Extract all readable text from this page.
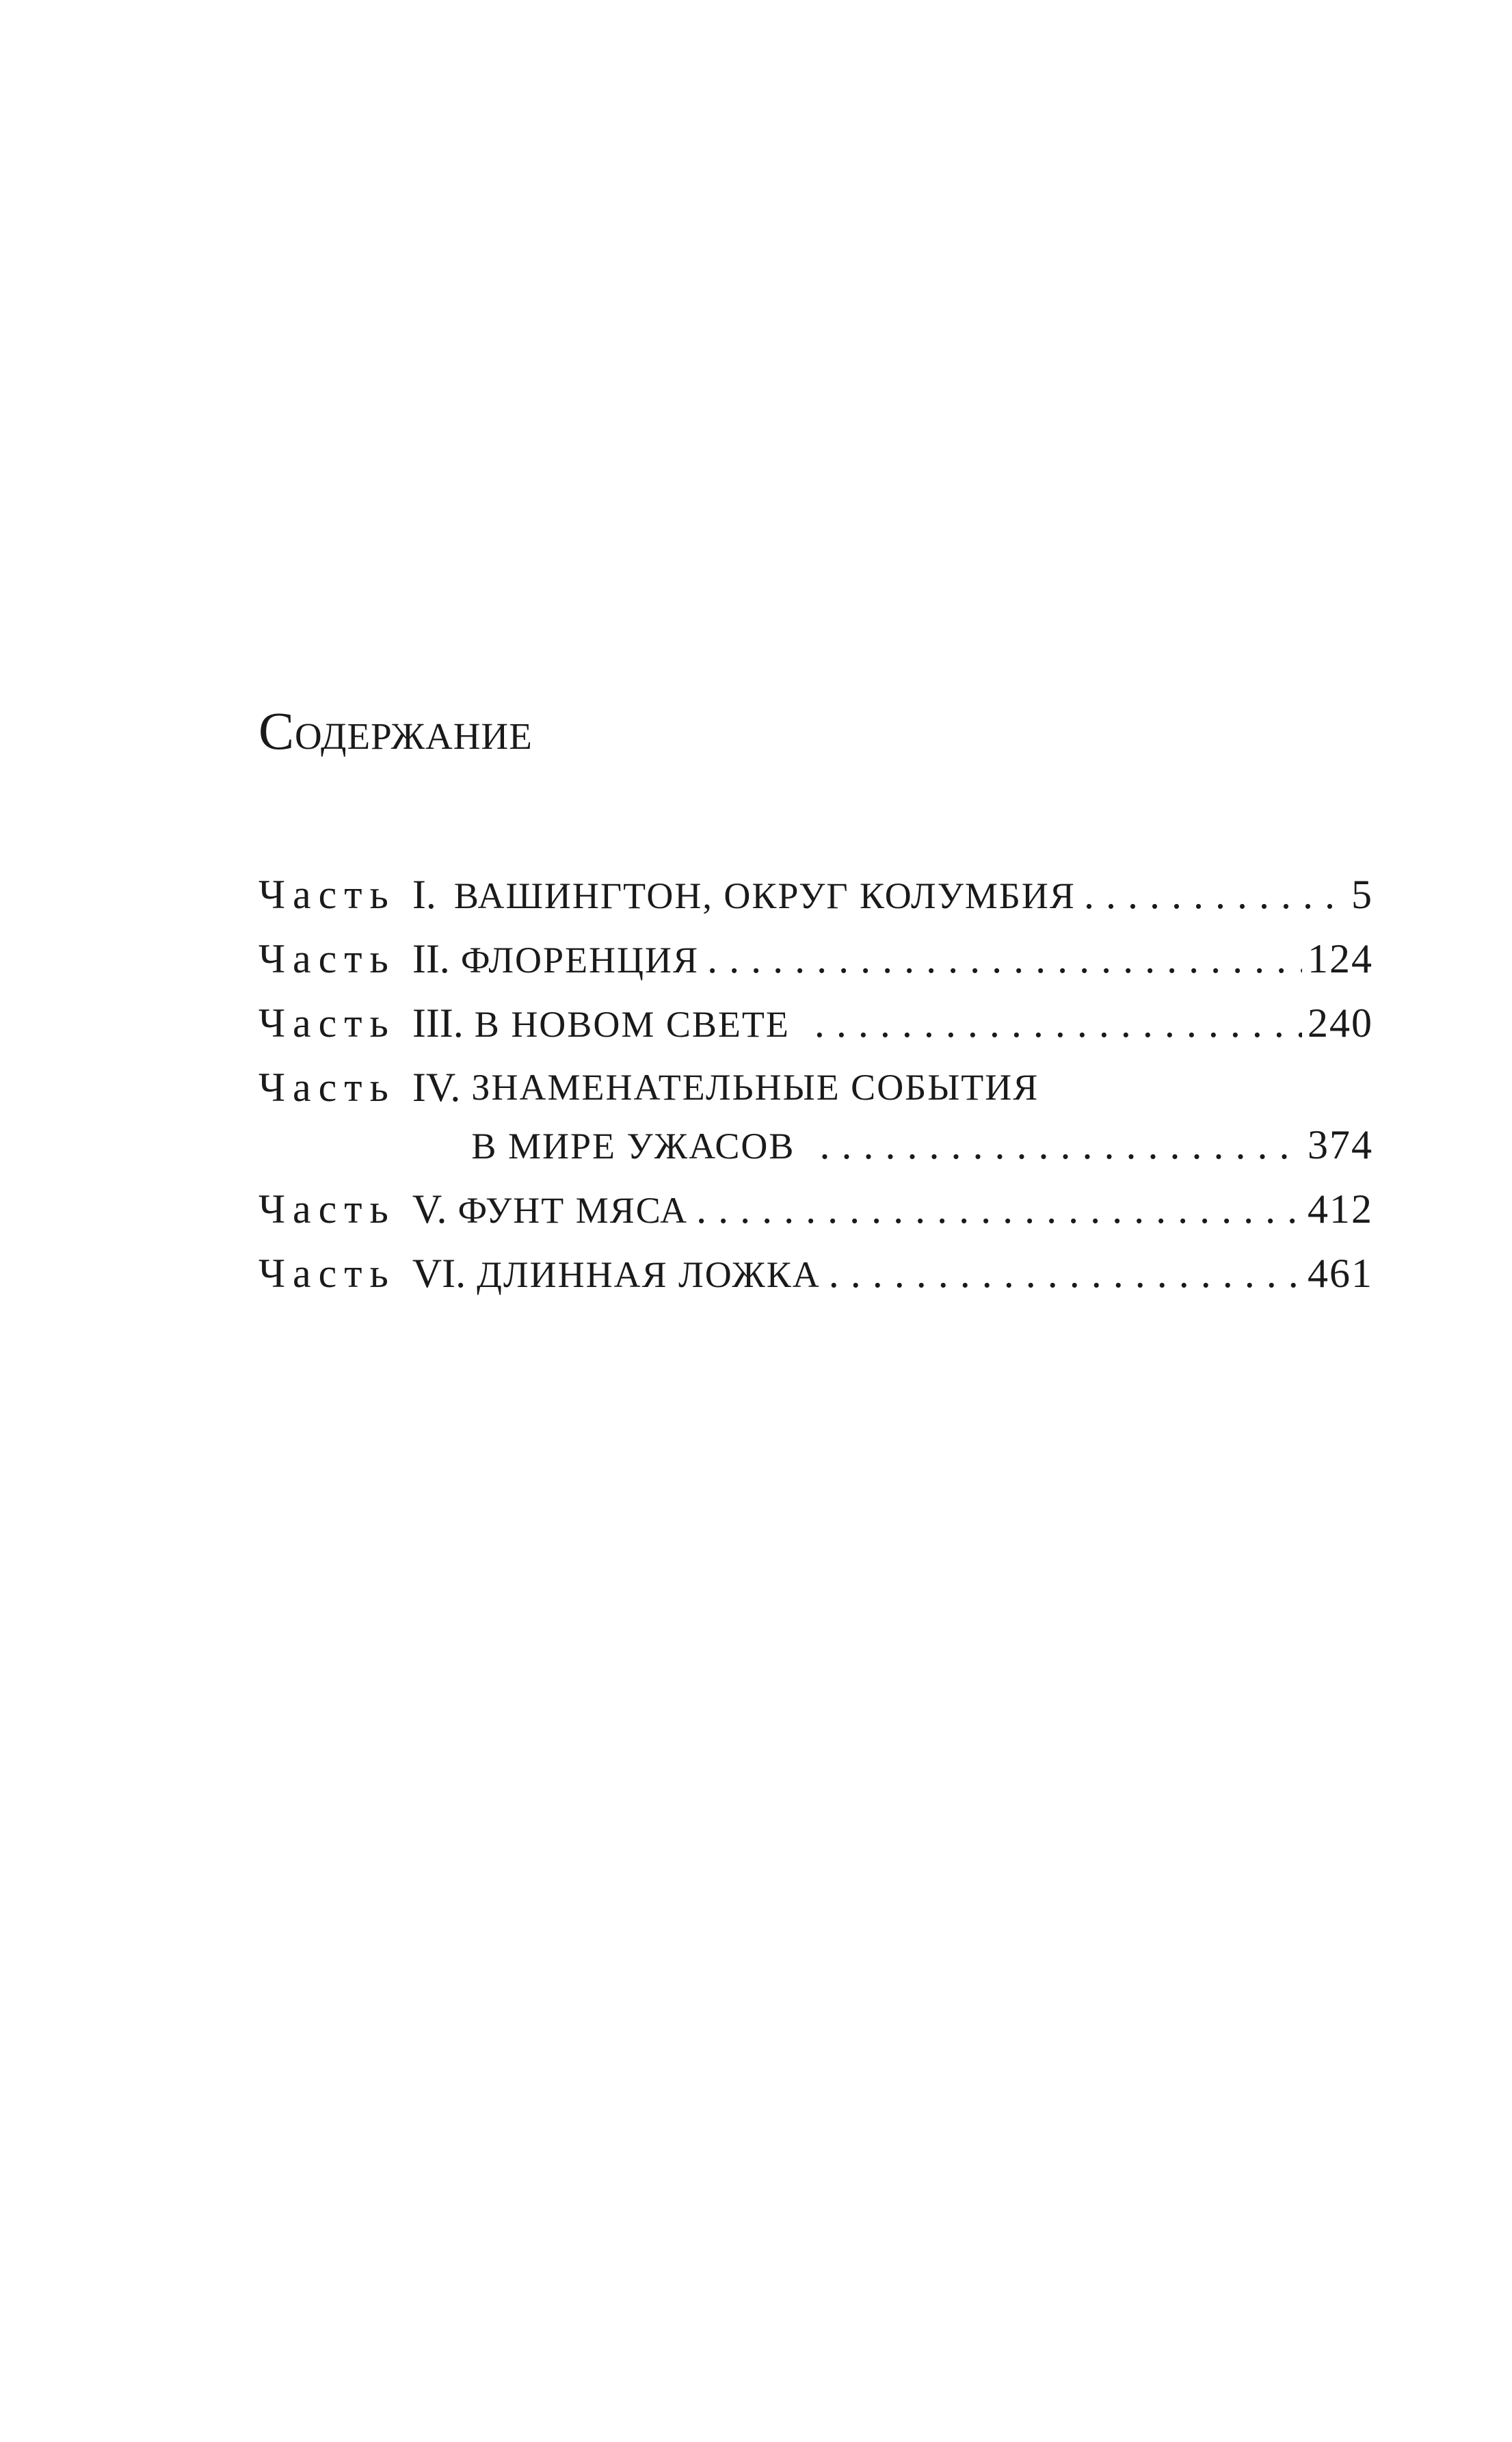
Содержание
Часть I. ВАШИНГТОН, ОКРУГ КОЛУМБИЯ . . .	5
Часть II. ФЛОРЕНЦИЯ . . .	124
Часть III. В НОВОМ СВЕТЕ . . .	240
Часть IV. ЗНАМЕНАТЕЛЬНЫЕ СОБЫТИЯ
В МИРЕ УЖАСОВ . . .	374
Часть V. ФУНТ МЯСА . . .	412
Часть VI. ДЛИННАЯ ЛОЖКА . . .	461
